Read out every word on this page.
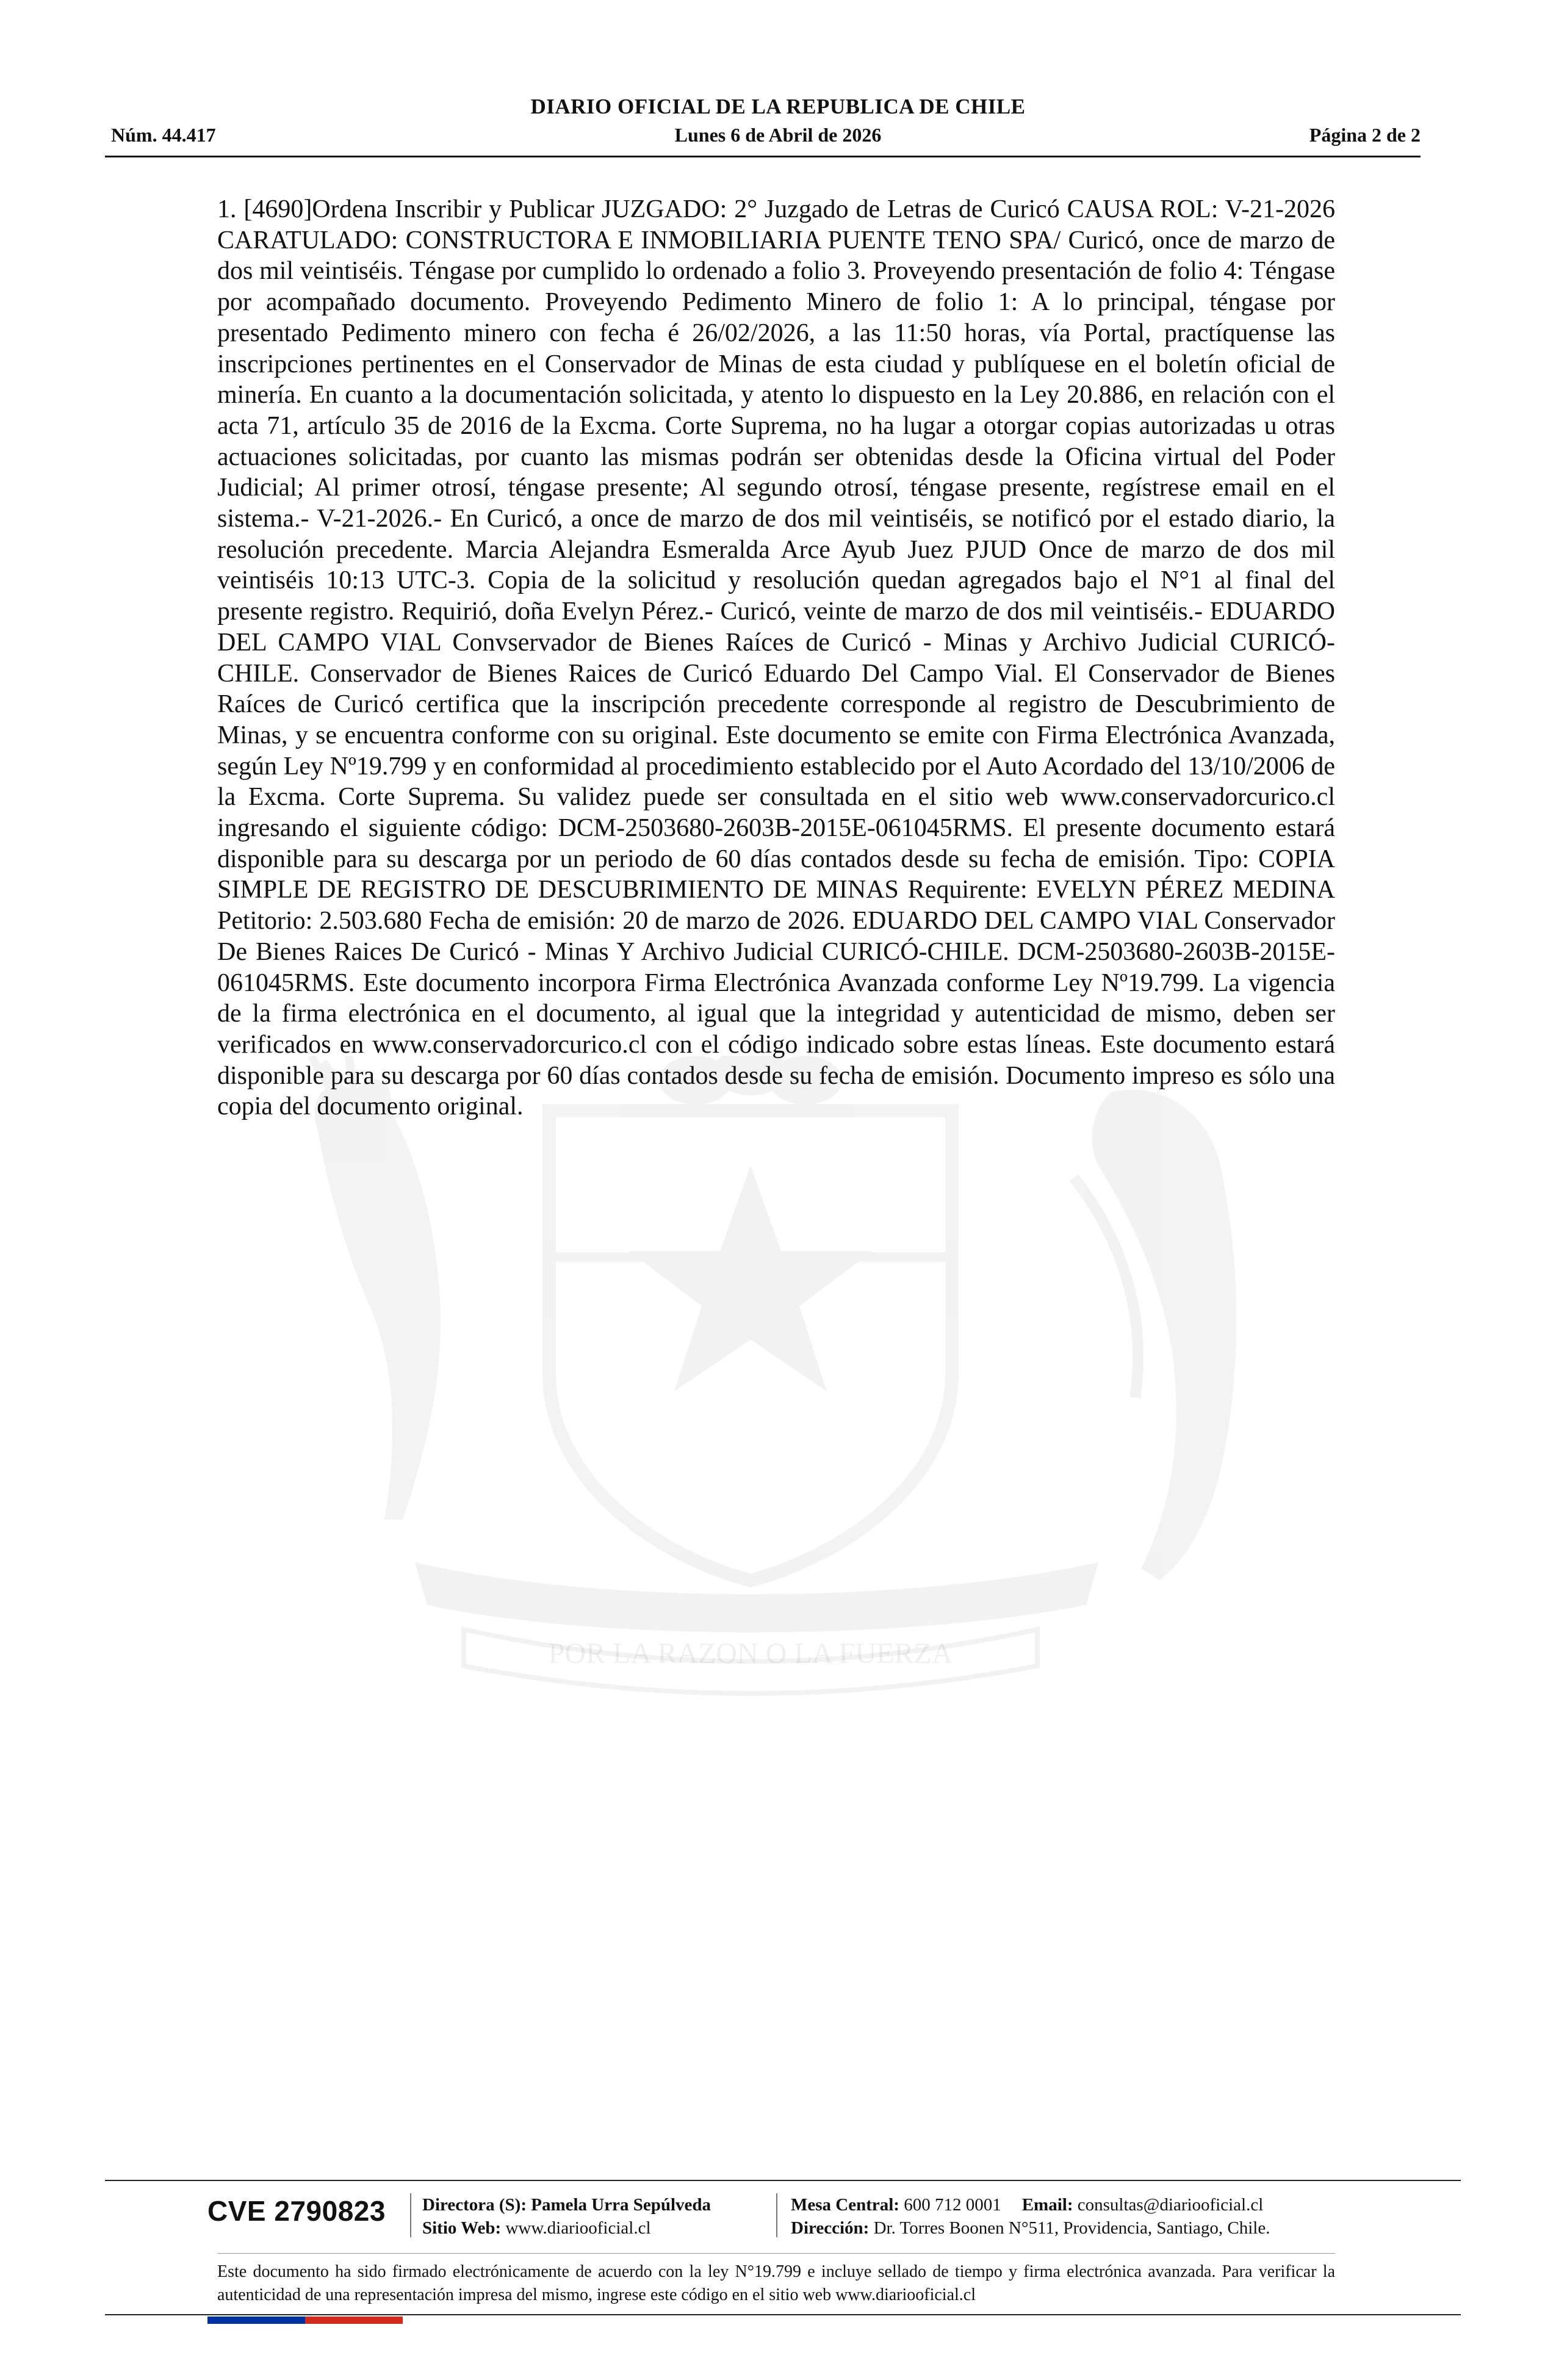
DIARIO OFICIAL DE LA REPUBLICA DE CHILE
Núm. 44.417	Lunes 6 de Abril de 2026	Página 2 de 2
POR LA RAZON O LA FUERZA
1. [4690]Ordena Inscribir y Publicar JUZGADO: 2° Juzgado de Letras de Curicó CAUSA ROL: V-21-2026 CARATULADO: CONSTRUCTORA E INMOBILIARIA PUENTE TENO SPA/ Curicó, once de marzo de dos mil veintiséis. Téngase por cumplido lo ordenado a folio 3. Proveyendo presentación de folio 4: Téngase por acompañado documento. Proveyendo Pedimento Minero de folio 1: A lo principal, téngase por presentado Pedimento minero con fecha é 26/02/2026, a las 11:50 horas, vía Portal, practíquense las inscripciones pertinentes en el Conservador de Minas de esta ciudad y publíquese en el boletín oficial de minería. En cuanto a la documentación solicitada, y atento lo dispuesto en la Ley 20.886, en relación con el acta 71, artículo 35 de 2016 de la Excma. Corte Suprema, no ha lugar a otorgar copias autorizadas u otras actuaciones solicitadas, por cuanto las mismas podrán ser obtenidas desde la Oficina virtual del Poder Judicial; Al primer otrosí, téngase presente; Al segundo otrosí, téngase presente, regístrese email en el sistema.- V-21-2026.- En Curicó, a once de marzo de dos mil veintiséis, se notificó por el estado diario, la resolución precedente. Marcia Alejandra Esmeralda Arce Ayub Juez PJUD Once de marzo de dos mil veintiséis 10:13 UTC-3. Copia de la solicitud y resolución quedan agregados bajo el N°1 al final del presente registro. Requirió, doña Evelyn Pérez.- Curicó, veinte de marzo de dos mil veintiséis.- EDUARDO DEL CAMPO VIAL Convservador de Bienes Raíces de Curicó - Minas y Archivo Judicial CURICÓ-CHILE. Conservador de Bienes Raices de Curicó Eduardo Del Campo Vial. El Conservador de Bienes Raíces de Curicó certifica que la inscripción precedente corresponde al registro de Descubrimiento de Minas, y se encuentra conforme con su original. Este documento se emite con Firma Electrónica Avanzada, según Ley Nº19.799 y en conformidad al procedimiento establecido por el Auto Acordado del 13/10/2006 de la Excma. Corte Suprema. Su validez puede ser consultada en el sitio web www.conservadorcurico.cl ingresando el siguiente código: DCM-2503680-2603B-2015E-061045RMS. El presente documento estará disponible para su descarga por un periodo de 60 días contados desde su fecha de emisión. Tipo: COPIA SIMPLE DE REGISTRO DE DESCUBRIMIENTO DE MINAS Requirente: EVELYN PÉREZ MEDINA Petitorio: 2.503.680 Fecha de emisión: 20 de marzo de 2026. EDUARDO DEL CAMPO VIAL Conservador De Bienes Raices De Curicó - Minas Y Archivo Judicial CURICÓ-CHILE. DCM-2503680-2603B-2015E-061045RMS. Este documento incorpora Firma Electrónica Avanzada conforme Ley Nº19.799. La vigencia de la firma electrónica en el documento, al igual que la integridad y autenticidad de mismo, deben ser verificados en www.conservadorcurico.cl con el código indicado sobre estas líneas. Este documento estará disponible para su descarga por 60 días contados desde su fecha de emisión. Documento impreso es sólo una copia del documento original.
CVE 2790823 Directora (S): Pamela Urra Sepúlveda
Sitio Web: www.diariooficial.cl
Mesa Central: 600 712 0001 Email: consultas@diariooficial.cl
Dirección: Dr. Torres Boonen N°511, Providencia, Santiago, Chile.
Este documento ha sido firmado electrónicamente de acuerdo con la ley N°19.799 e incluye sellado de tiempo y firma electrónica avanzada. Para verificar la autenticidad de una representación impresa del mismo, ingrese este código en el sitio web www.diariooficial.cl
